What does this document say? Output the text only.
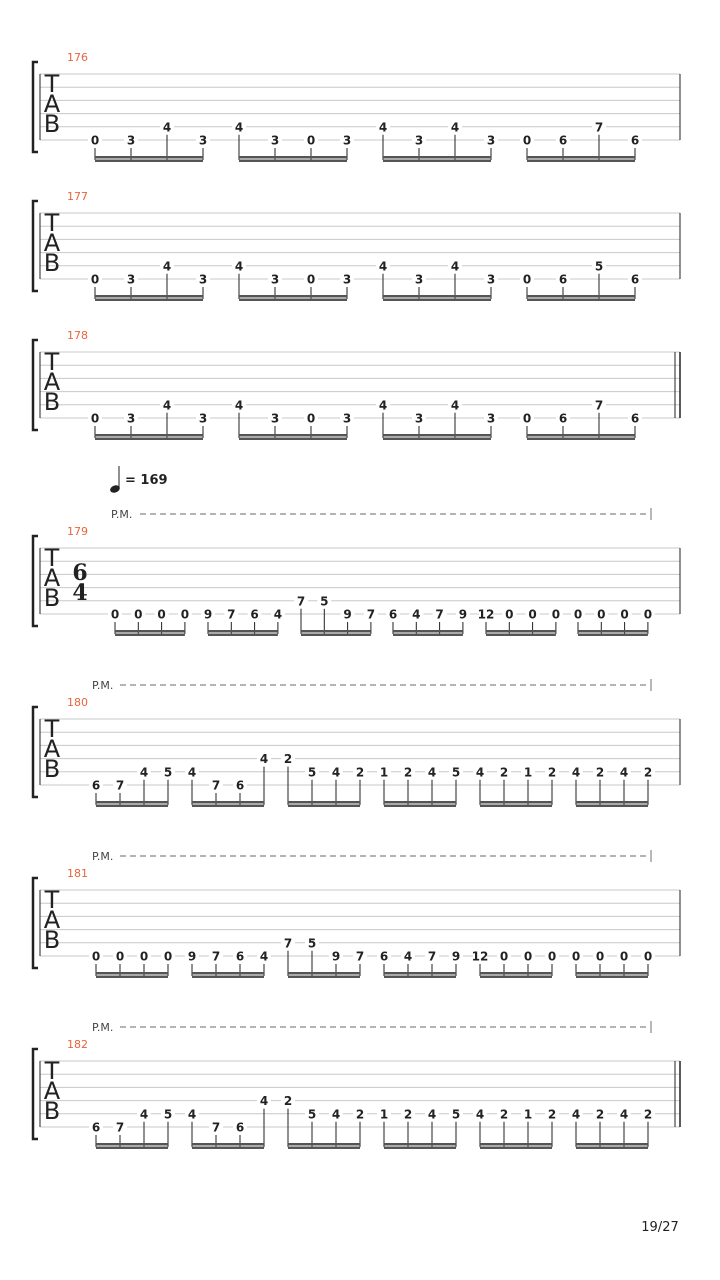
T
A
B
176
0 3
4
3
4
3 0 3
4
3
4
3 0 6
7
6
T
A
B
177
0 3
4
3
4
3 0 3
4
3
4
3 0 6
5
6
T
A
B
178
0 3
4
3
4
3 0 3
4
3
4
3 0 6
7
6
T
A
B
179
6
4
= 169
P.M.
0 0 0 0 9 7 6 4
7 5
9 7 6 4 7 9 12 0 0 0 0 0 0 0
T
A
B
180
P.M.
6 7
4 5 4
7 6
4 2
5 4 2 1 2 4 5 4 2 1 2 4 2 4 2
T
A
B
181
P.M.
0 0 0 0 9 7 6 4
7 5
9 7 6 4 7 9 12 0 0 0 0 0 0 0
T
A
B
182
P.M.
6 7
4 5 4
7 6
4 2
5 4 2 1 2 4 5 4 2 1 2 4 2 4 2
19/27
